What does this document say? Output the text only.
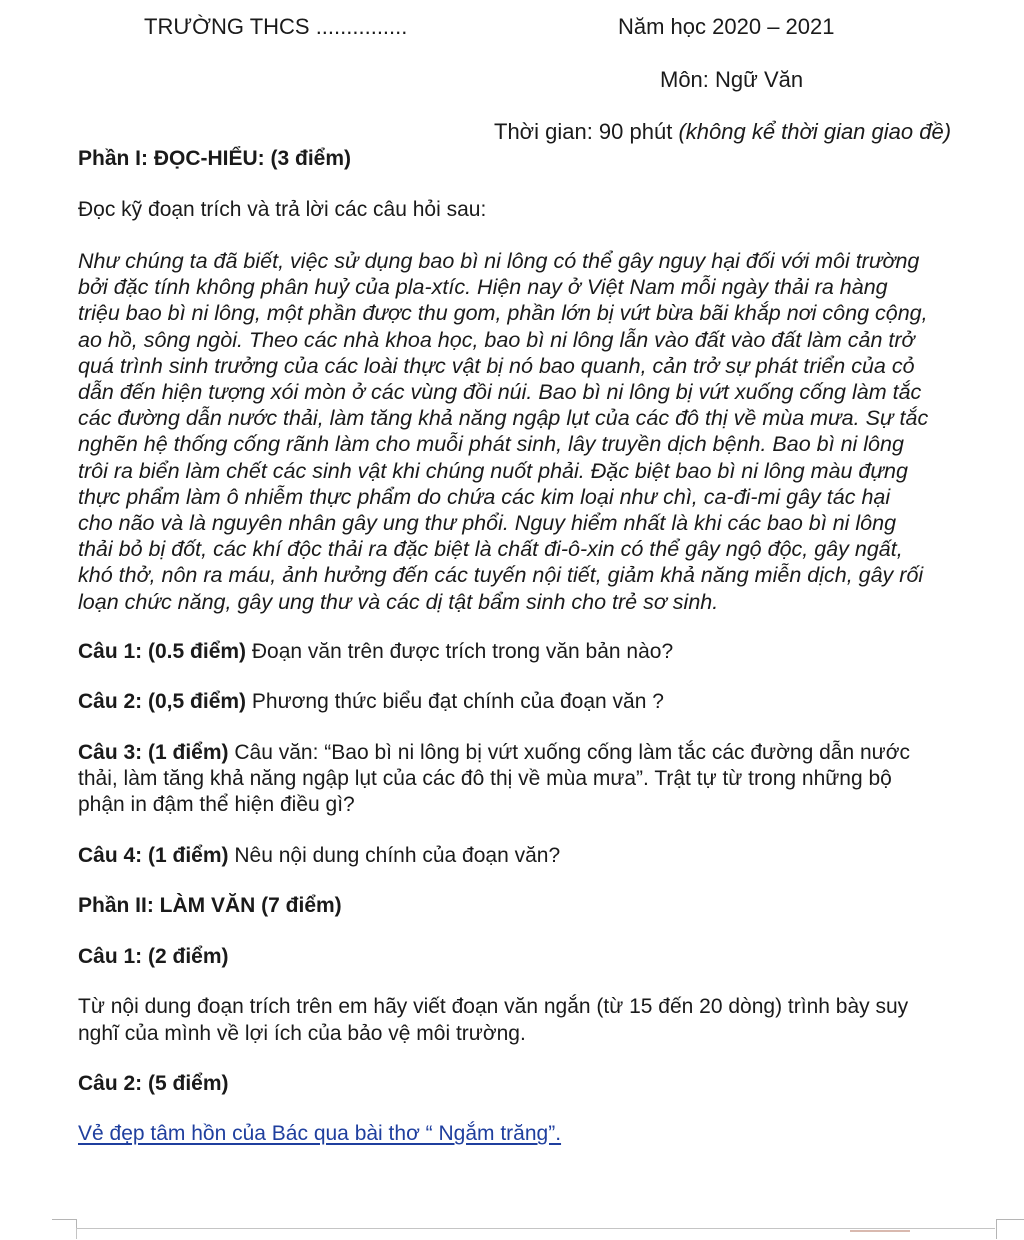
TRƯỜNG THCS ...............	Năm học 2020 – 2021
Môn: Ngữ Văn
Thời gian: 90 phút (không kể thời gian giao đề)

Phần I: ĐỌC-HIỂU: (3 điểm)

Đọc kỹ đoạn trích và trả lời các câu hỏi sau:

Như chúng ta đã biết, việc sử dụng bao bì ni lông có thể gây nguy hại đối với môi trường

bởi đặc tính không phân huỷ của pla-xtíc. Hiện nay ở Việt Nam mỗi ngày thải ra hàng

triệu bao bì ni lông, một phần được thu gom, phần lớn bị vứt bừa bãi khắp nơi công cộng,

ao hồ, sông ngòi. Theo các nhà khoa học, bao bì ni lông lẫn vào đất vào đất làm cản trở

quá trình sinh trưởng của các loài thực vật bị nó bao quanh, cản trở sự phát triển của cỏ

dẫn đến hiện tượng xói mòn ở các vùng đồi núi. Bao bì ni lông bị vứt xuống cống làm tắc

các đường dẫn nước thải, làm tăng khả năng ngập lụt của các đô thị về mùa mưa. Sự tắc

nghẽn hệ thống cống rãnh làm cho muỗi phát sinh, lây truyền dịch bệnh. Bao bì ni lông

trôi ra biển làm chết các sinh vật khi chúng nuốt phải. Đặc biệt bao bì ni lông màu đựng

thực phẩm làm ô nhiễm thực phẩm do chứa các kim loại như chì, ca-đi-mi gây tác hại

cho não và là nguyên nhân gây ung thư phổi. Nguy hiểm nhất là khi các bao bì ni lông

thải bỏ bị đốt, các khí độc thải ra đặc biệt là chất đi-ô-xin có thể gây ngộ độc, gây ngất,

khó thở, nôn ra máu, ảnh hưởng đến các tuyến nội tiết, giảm khả năng miễn dịch, gây rối

loạn chức năng, gây ung thư và các dị tật bẩm sinh cho trẻ sơ sinh.

Câu 1: (0.5 điểm) Đoạn văn trên được trích trong văn bản nào?

Câu 2: (0,5 điểm) Phương thức biểu đạt chính của đoạn văn ?

Câu 3: (1 điểm) Câu văn: “Bao bì ni lông bị vứt xuống cống làm tắc các đường dẫn nước

thải, làm tăng khả năng ngập lụt của các đô thị về mùa mưa”. Trật tự từ trong những bộ

phận in đậm thể hiện điều gì?

Câu 4: (1 điểm) Nêu nội dung chính của đoạn văn?

Phần II: LÀM VĂN (7 điểm)

Câu 1: (2 điểm)

Từ nội dung đoạn trích trên em hãy viết đoạn văn ngắn (từ 15 đến 20 dòng) trình bày suy

nghĩ của mình về lợi ích của bảo vệ môi trường.

Câu 2: (5 điểm)

Vẻ đẹp tâm hồn của Bác qua bài thơ “ Ngắm trăng”.
